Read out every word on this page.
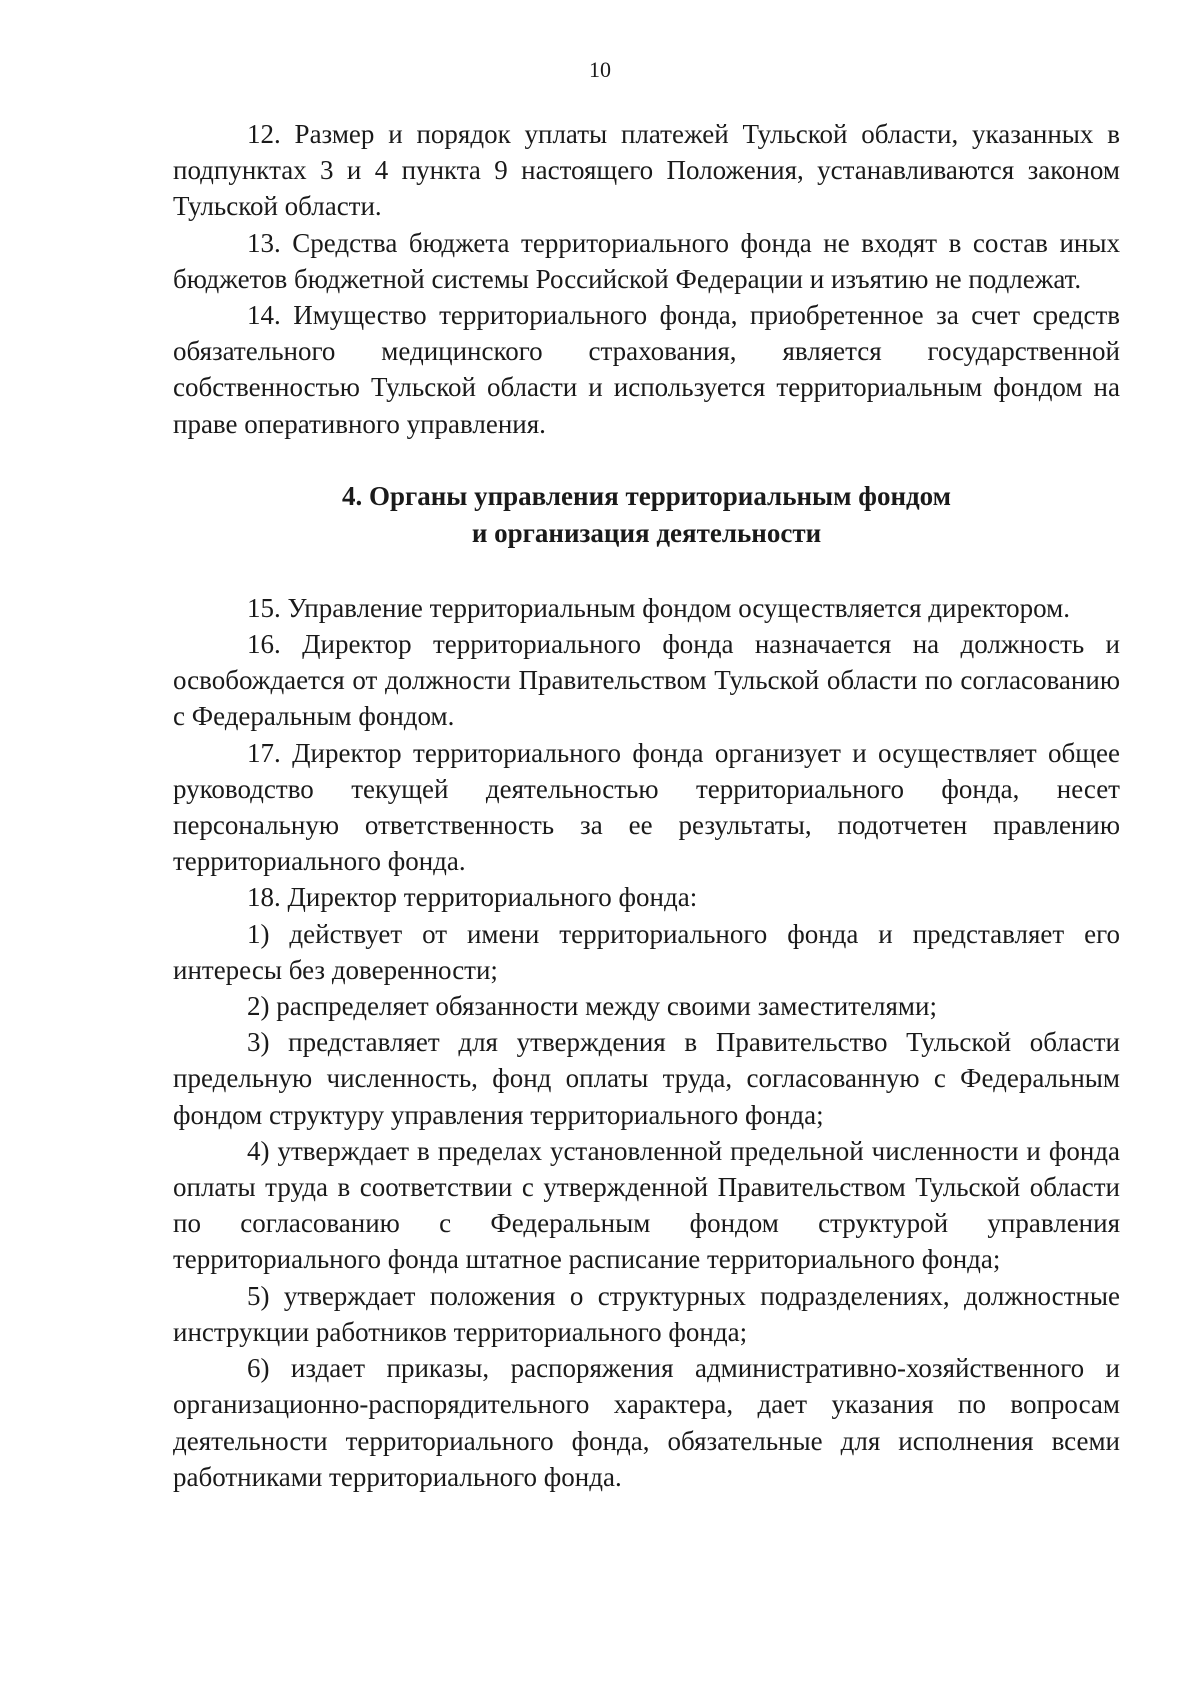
10

12. Размер и порядок уплаты платежей Тульской области, указанных в подпунктах 3 и 4 пункта 9 настоящего Положения, устанавливаются законом Тульской области.

13. Средства бюджета территориального фонда не входят в состав иных бюджетов бюджетной системы Российской Федерации и изъятию не подлежат.

14. Имущество территориального фонда, приобретенное за счет средств обязательного медицинского страхования, является государственной собственностью Тульской области и используется территориальным фондом на праве оперативного управления.

4. Органы управления территориальным фондом
и организация деятельности

15. Управление территориальным фондом осуществляется директором.

16. Директор территориального фонда назначается на должность и освобождается от должности Правительством Тульской области по согласованию с Федеральным фондом.

17. Директор территориального фонда организует и осуществляет общее руководство текущей деятельностью территориального фонда, несет персональную ответственность за ее результаты, подотчетен правлению территориального фонда.

18. Директор территориального фонда:

1) действует от имени территориального фонда и представляет его интересы без доверенности;

2) распределяет обязанности между своими заместителями;

3) представляет для утверждения в Правительство Тульской области предельную численность, фонд оплаты труда, согласованную с Федеральным фондом структуру управления территориального фонда;

4) утверждает в пределах установленной предельной численности и фонда оплаты труда в соответствии с утвержденной Правительством Тульской области по согласованию с Федеральным фондом структурой управления территориального фонда штатное расписание территориального фонда;

5) утверждает положения о структурных подразделениях, должностные инструкции работников территориального фонда;

6) издает приказы, распоряжения административно-хозяйственного и организационно-распорядительного характера, дает указания по вопросам деятельности территориального фонда, обязательные для исполнения всеми работниками территориального фонда.
